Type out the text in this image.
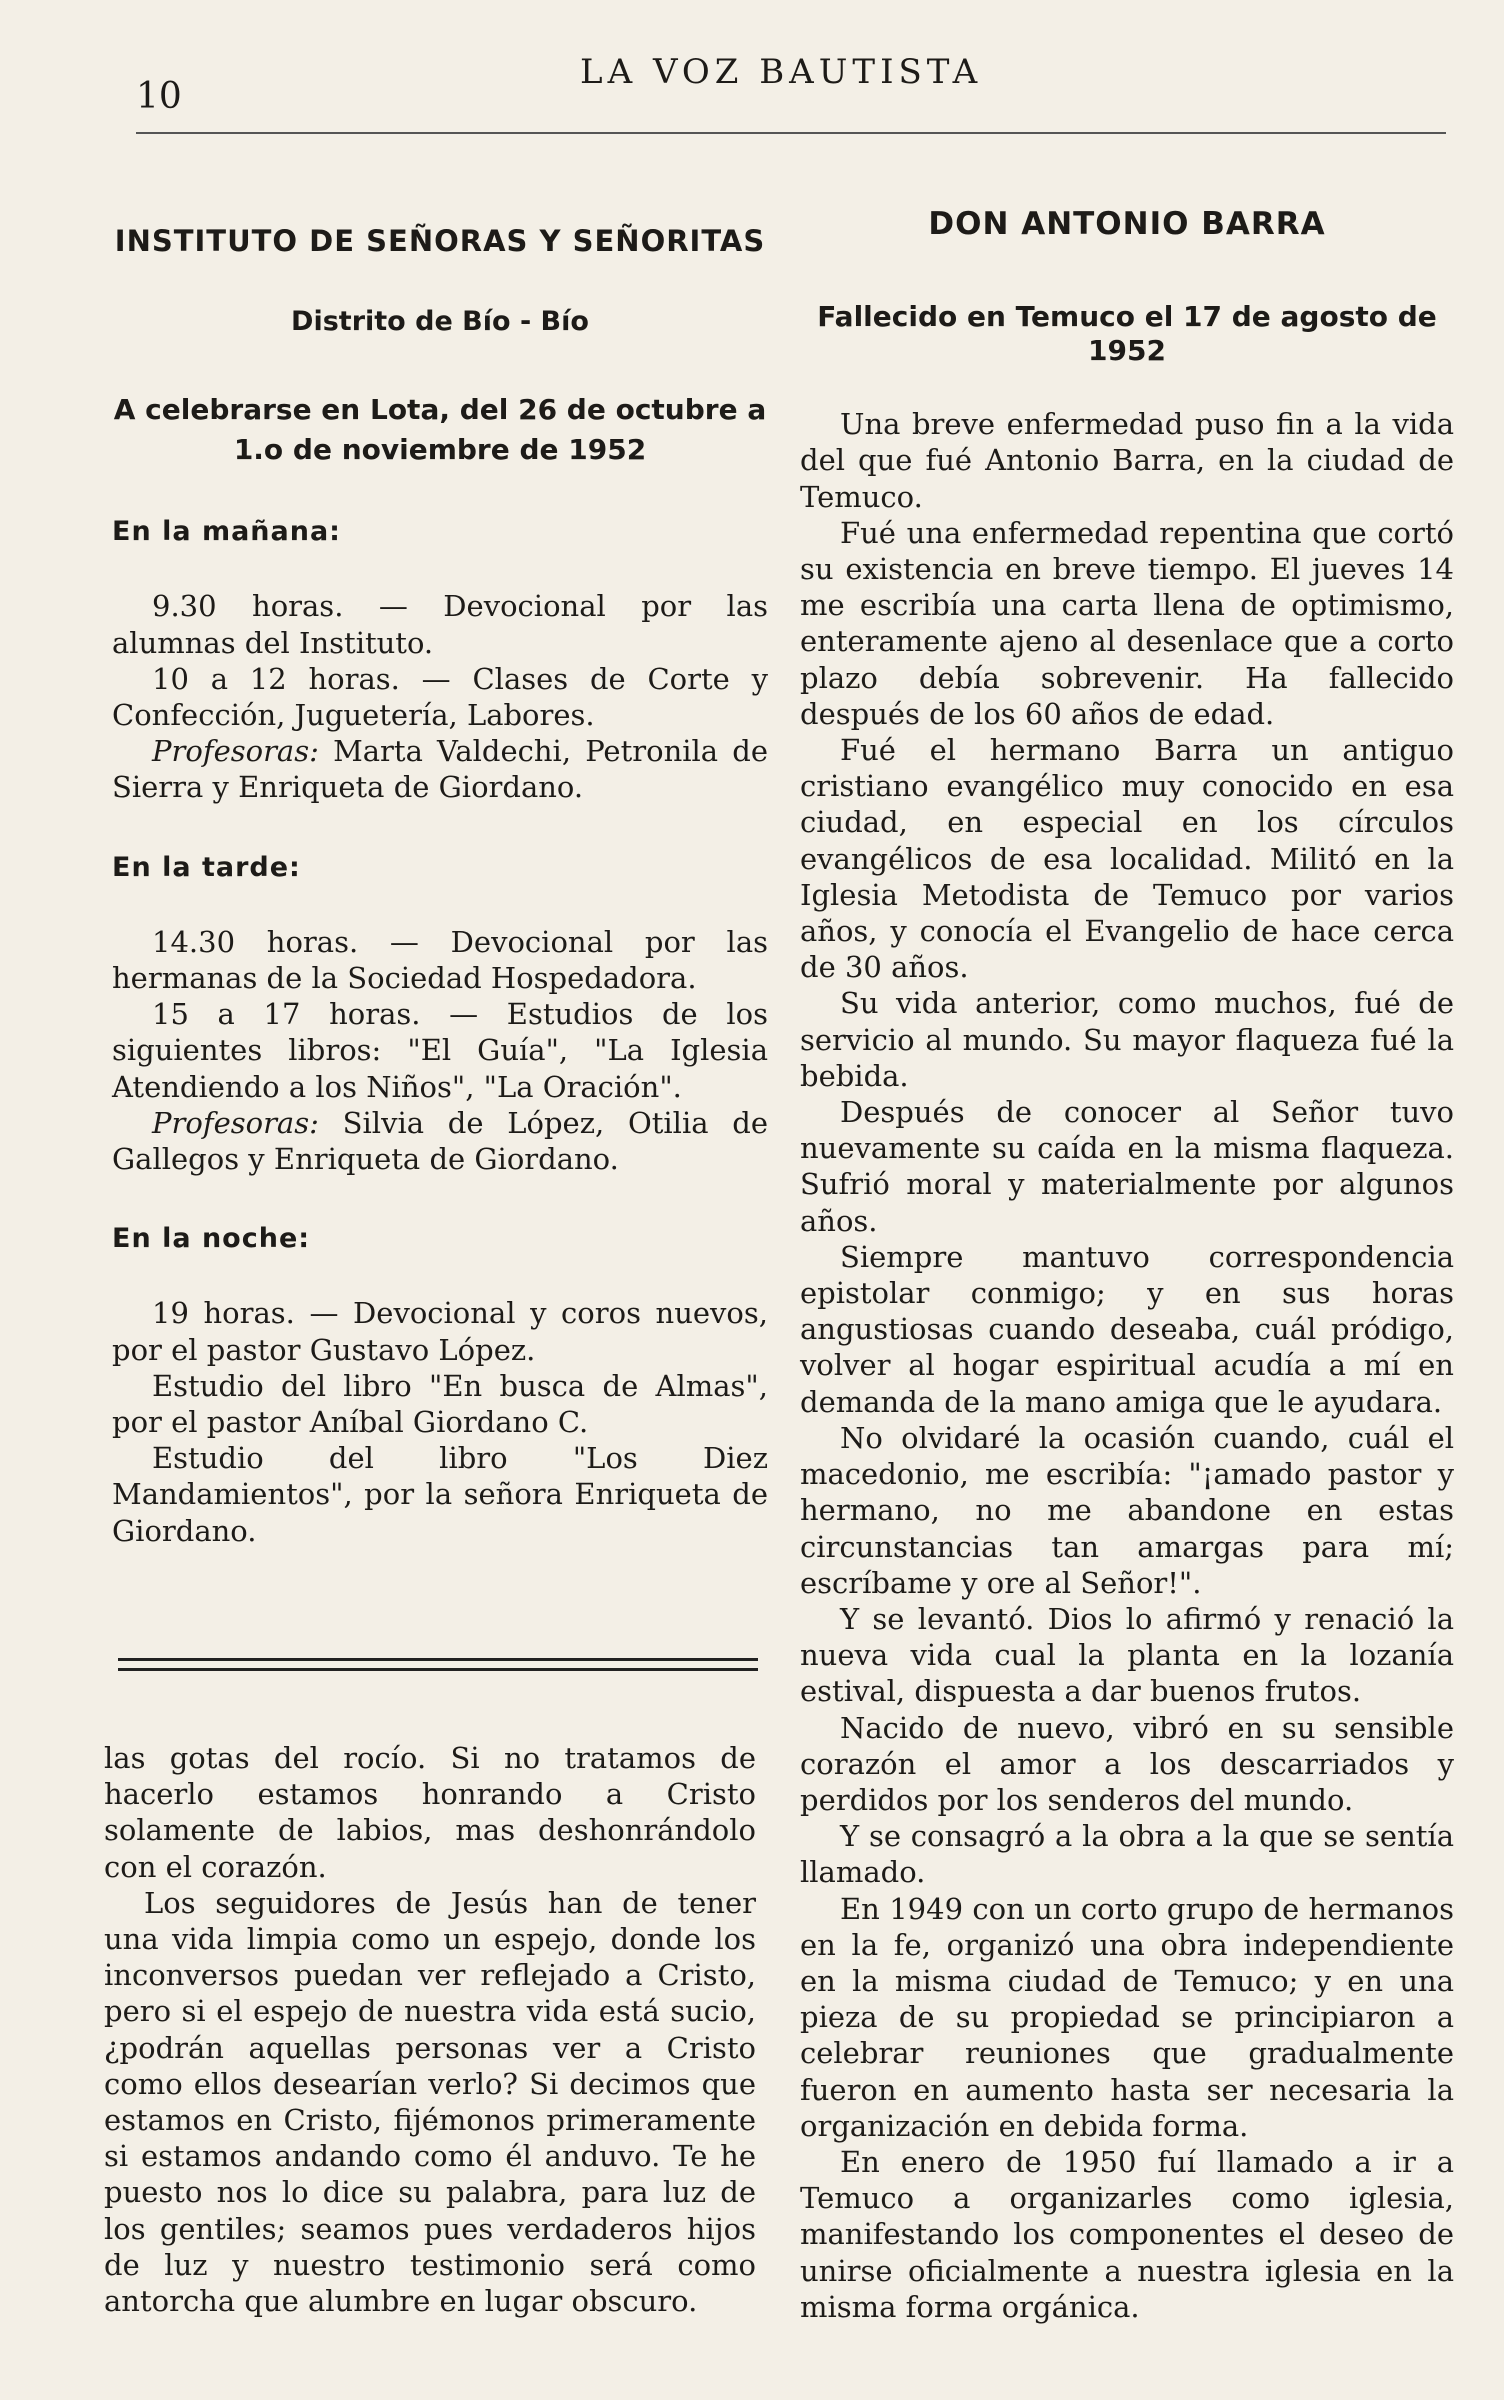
10
LA VOZ BAUTISTA
INSTITUTO DE SEÑORAS Y SEÑORITAS
Distrito de Bío - Bío
A celebrarse en Lota, del 26 de octubre a 1.o de noviembre de 1952
En la mañana:

9.30 horas. — Devocional por las alumnas del Instituto.

10 a 12 horas. — Clases de Corte y Confección, Juguetería, Labores.

Profesoras: Marta Valdechi, Petronila de Sierra y Enriqueta de Giordano.

En la tarde:

14.30 horas. — Devocional por las hermanas de la Sociedad Hospedadora.

15 a 17 horas. — Estudios de los siguientes libros: "El Guía", "La Iglesia Atendiendo a los Niños", "La Oración".

Profesoras: Silvia de López, Otilia de Gallegos y Enriqueta de Giordano.

En la noche:

19 horas. — Devocional y coros nuevos, por el pastor Gustavo López.

Estudio del libro "En busca de Almas", por el pastor Aníbal Giordano C.

Estudio del libro "Los Diez Mandamientos", por la señora Enriqueta de Giordano.

las gotas del rocío. Si no tratamos de hacerlo estamos honrando a Cristo solamente de labios, mas deshonrándolo con el corazón.

Los seguidores de Jesús han de tener una vida limpia como un espejo, donde los inconversos puedan ver reflejado a Cristo, pero si el espejo de nuestra vida está sucio, ¿podrán aquellas personas ver a Cristo como ellos desearían verlo? Si decimos que estamos en Cristo, fijémonos primeramente si estamos andando como él anduvo. Te he puesto nos lo dice su palabra, para luz de los gentiles; seamos pues verdaderos hijos de luz y nuestro testimonio será como antorcha que alumbre en lugar obscuro.

DON ANTONIO BARRA
Fallecido en Temuco el 17 de agosto de 1952

Una breve enfermedad puso fin a la vida del que fué Antonio Barra, en la ciudad de Temuco.

Fué una enfermedad repentina que cortó su existencia en breve tiempo. El jueves 14 me escribía una carta llena de optimismo, enteramente ajeno al desenlace que a corto plazo debía sobrevenir. Ha fallecido después de los 60 años de edad.

Fué el hermano Barra un antiguo cristiano evangélico muy conocido en esa ciudad, en especial en los círculos evangélicos de esa localidad. Militó en la Iglesia Metodista de Temuco por varios años, y conocía el Evangelio de hace cerca de 30 años.

Su vida anterior, como muchos, fué de servicio al mundo. Su mayor flaqueza fué la bebida.

Después de conocer al Señor tuvo nuevamente su caída en la misma flaqueza. Sufrió moral y materialmente por algunos años.

Siempre mantuvo correspondencia epistolar conmigo; y en sus horas angustiosas cuando deseaba, cuál pródigo, volver al hogar espiritual acudía a mí en demanda de la mano amiga que le ayudara.

No olvidaré la ocasión cuando, cuál el macedonio, me escribía: "¡amado pastor y hermano, no me abandone en estas circunstancias tan amargas para mí; escríbame y ore al Señor!".

Y se levantó. Dios lo afirmó y renació la nueva vida cual la planta en la lozanía estival, dispuesta a dar buenos frutos.

Nacido de nuevo, vibró en su sensible corazón el amor a los descarriados y perdidos por los senderos del mundo.

Y se consagró a la obra a la que se sentía llamado.

En 1949 con un corto grupo de hermanos en la fe, organizó una obra independiente en la misma ciudad de Temuco; y en una pieza de su propiedad se principiaron a celebrar reuniones que gradualmente fueron en aumento hasta ser necesaria la organización en debida forma.

En enero de 1950 fuí llamado a ir a Temuco a organizarles como iglesia, manifestando los componentes el deseo de unirse oficialmente a nuestra iglesia en la misma forma orgánica.
